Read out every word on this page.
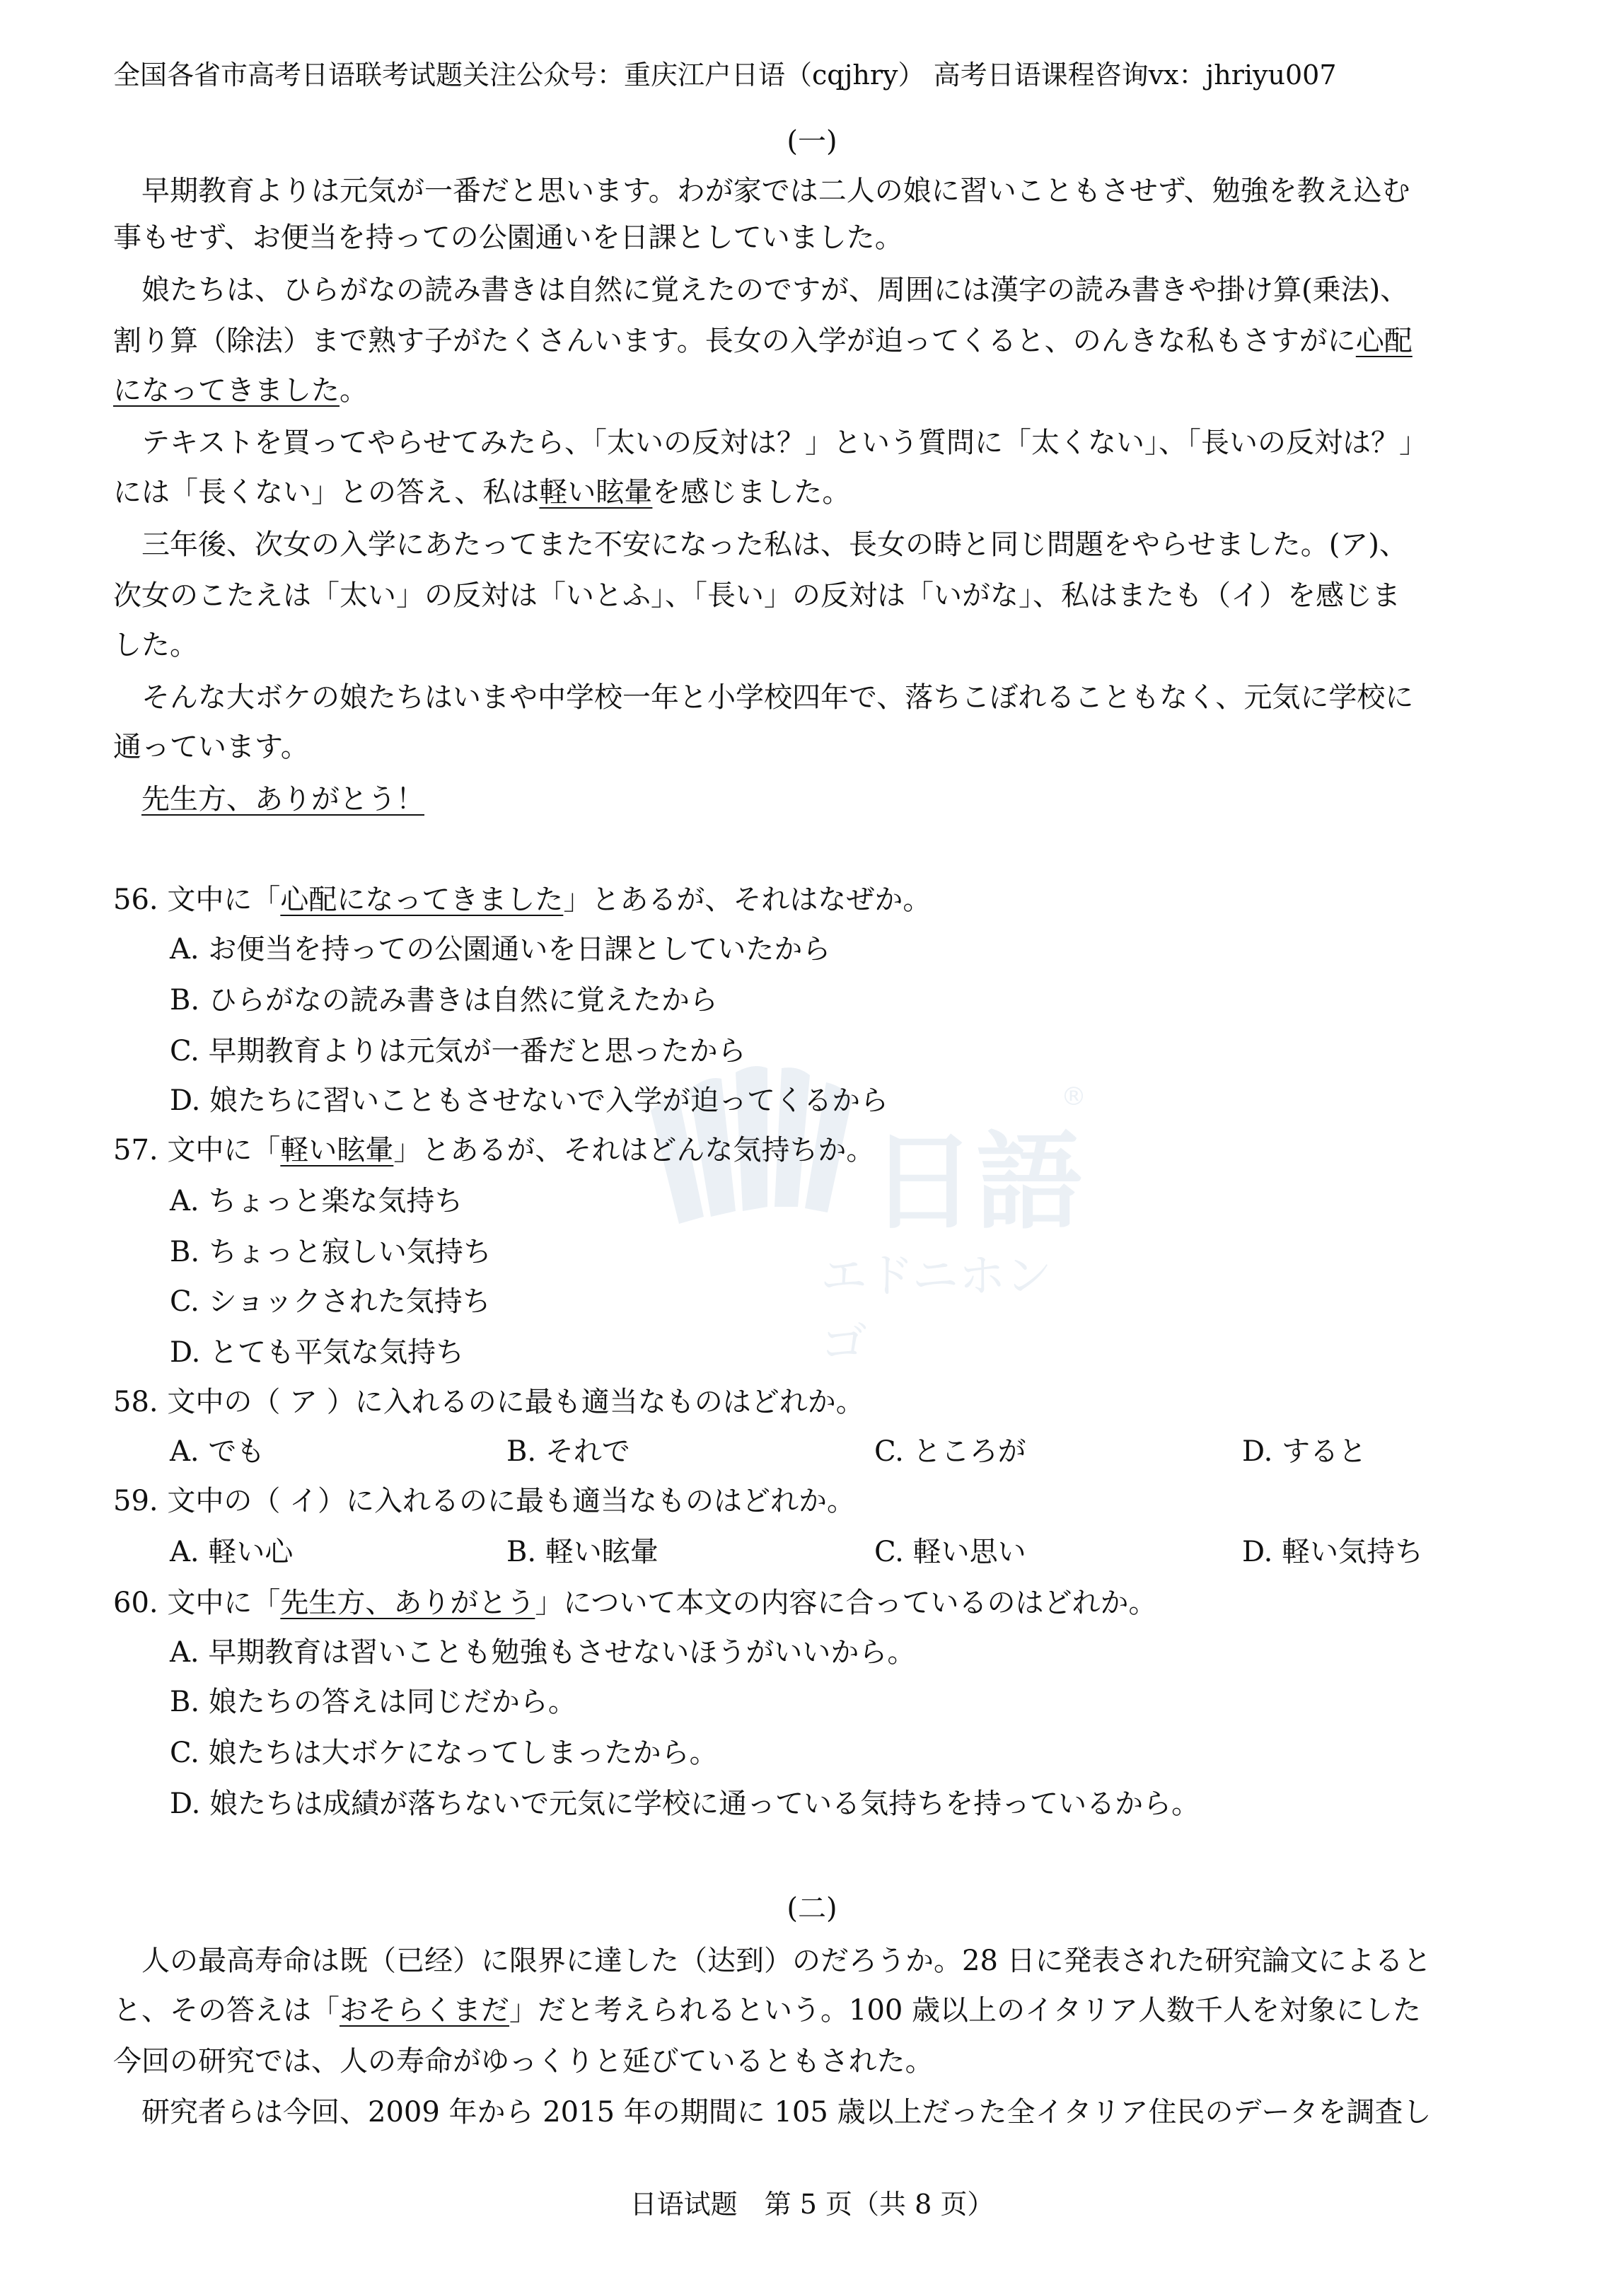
全国各省市高考日语联考试题关注公众号：重庆江户日语（cqjhry） 高考日语课程咨询vx：jhriyu007
(一)
早期教育よりは元気が一番だと思います。わが家では二人の娘に習いこともさせず、勉強を教え込む
事もせず、お便当を持っての公園通いを日課としていました。
娘たちは、ひらがなの読み書きは自然に覚えたのですが、周囲には漢字の読み書きや掛け算(乗法)、
割り算（除法）まで熟す子がたくさんいます。長女の入学が迫ってくると、のんきな私もさすがに心配
になってきました。
テキストを買ってやらせてみたら、「太いの反対は？」という質問に「太くない」、「長いの反対は？」
には「長くない」との答え、私は軽い眩暈を感じました。
三年後、次女の入学にあたってまた不安になった私は、長女の時と同じ問題をやらせました。(ア)、
次女のこたえは「太い」の反対は「いとふ」、「長い」の反対は「いがな」、私はまたも（イ）を感じま
した。
そんな大ボケの娘たちはいまや中学校一年と小学校四年で、落ちこぼれることもなく、元気に学校に
通っています。
先生方、ありがとう！
日語
®
エドニホンゴ
56. 文中に「心配になってきました」とあるが、それはなぜか。
A. お便当を持っての公園通いを日課としていたから
B. ひらがなの読み書きは自然に覚えたから
C. 早期教育よりは元気が一番だと思ったから
D. 娘たちに習いこともさせないで入学が迫ってくるから
57. 文中に「軽い眩暈」とあるが、それはどんな気持ちか。
A. ちょっと楽な気持ち
B. ちょっと寂しい気持ち
C. ショックされた気持ち
D. とても平気な気持ち
58. 文中の（ ア ）に入れるのに最も適当なものはどれか。
A. でも	B. それで	C. ところが	D. すると
59. 文中の（ イ）に入れるのに最も適当なものはどれか。
A. 軽い心	B. 軽い眩暈	C. 軽い思い	D. 軽い気持ち
60. 文中に「先生方、ありがとう」について本文の内容に合っているのはどれか。
A. 早期教育は習いことも勉強もさせないほうがいいから。
B. 娘たちの答えは同じだから。
C. 娘たちは大ボケになってしまったから。
D. 娘たちは成績が落ちないで元気に学校に通っている気持ちを持っているから。
(二)
人の最高寿命は既（已经）に限界に達した（达到）のだろうか。28 日に発表された研究論文によると
と、その答えは「おそらくまだ」だと考えられるという。100 歳以上のイタリア人数千人を対象にした
今回の研究では、人の寿命がゆっくりと延びているともされた。
研究者らは今回、2009 年から 2015 年の期間に 105 歳以上だった全イタリア住民のデータを調査し
日语试题　第 5 页（共 8 页）
